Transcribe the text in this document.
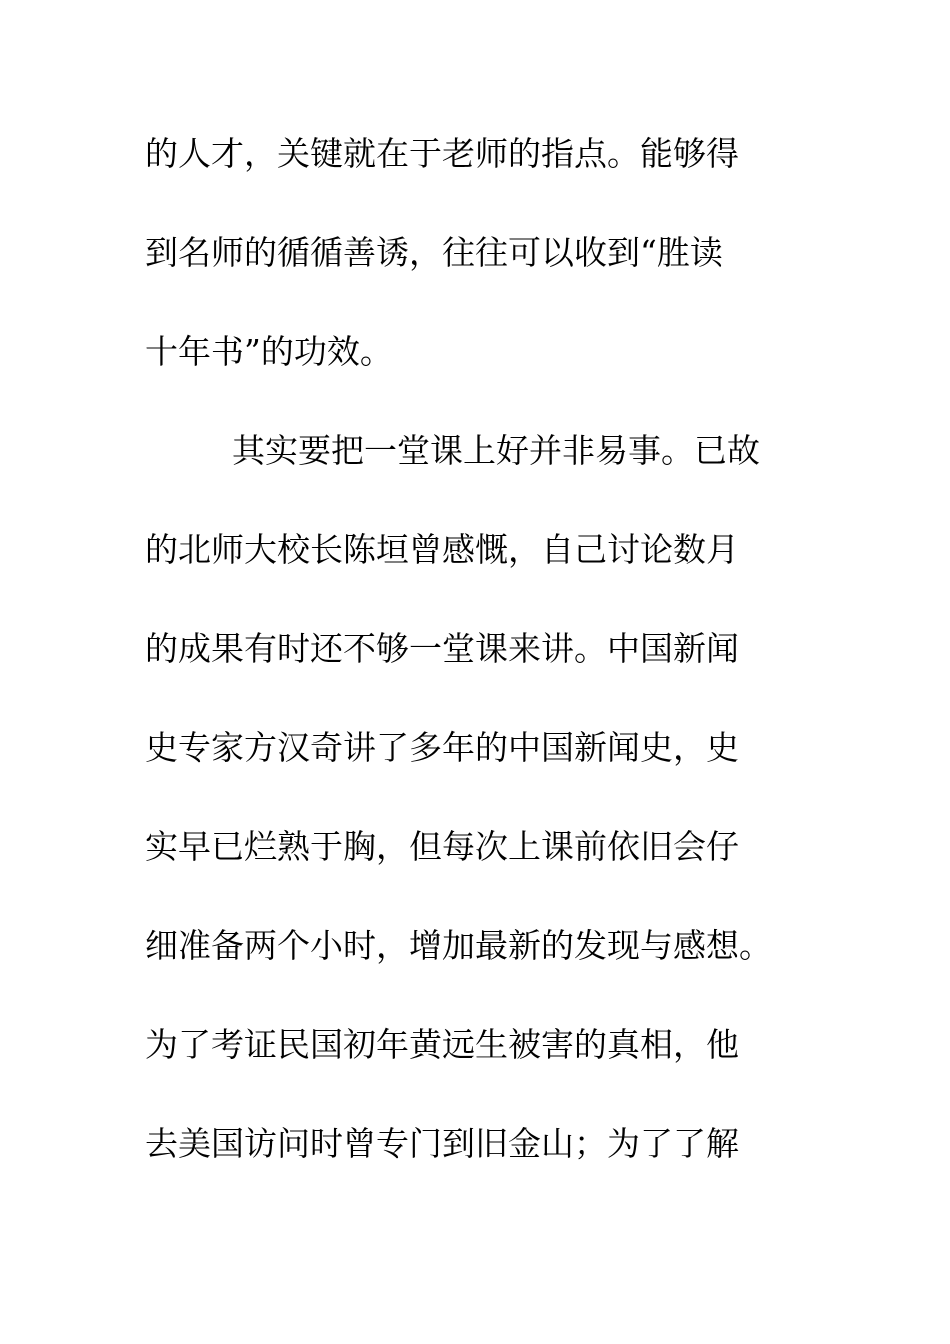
的人才，关键就在于老师的指点。能够得
到名师的循循善诱，往往可以收到“胜读
十年书”的功效。
其实要把一堂课上好并非易事。已故
的北师大校长陈垣曾感慨，自己讨论数月
的成果有时还不够一堂课来讲。中国新闻
史专家方汉奇讲了多年的中国新闻史，史
实早已烂熟于胸，但每次上课前依旧会仔
细准备两个小时，增加最新的发现与感想。
为了考证民国初年黄远生被害的真相，他
去美国访问时曾专门到旧金山；为了了解
